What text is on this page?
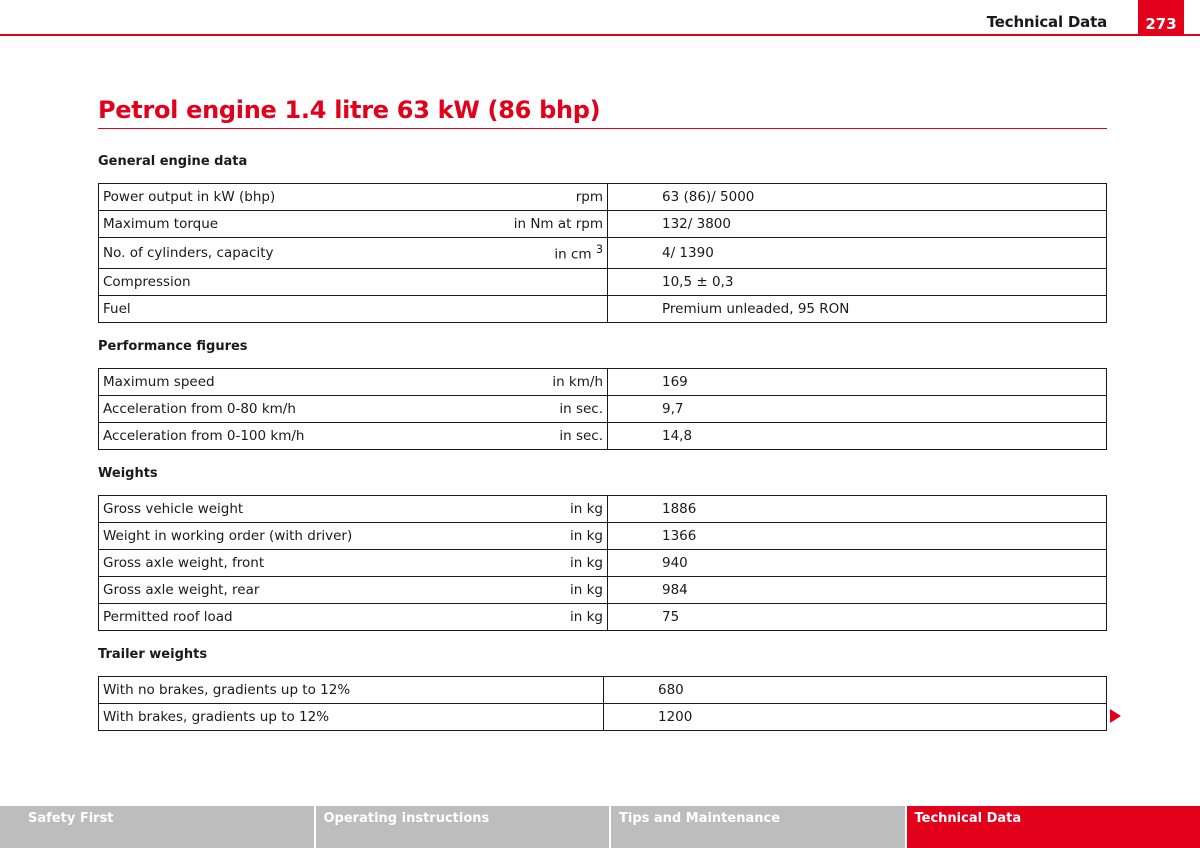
Technical Data	273
Petrol engine 1.4 litre 63 kW (86 bhp)
General engine data
Power output in kW (bhp)	rpm	63 (86)/ 5000
Maximum torque	in Nm at rpm	132/ 3800
No. of cylinders, capacity	in cm $^3$	4/ 1390
Compression		10,5 ± 0,3
Fuel		Premium unleaded, 95 RON
Performance figures
Maximum speed	in km/h	169
Acceleration from 0-80 km/h	in sec.	9,7
Acceleration from 0-100 km/h	in sec.	14,8
Weights
Gross vehicle weight	in kg	1886
Weight in working order (with driver)	in kg	1366
Gross axle weight, front	in kg	940
Gross axle weight, rear	in kg	984
Permitted roof load	in kg	75
Trailer weights
With no brakes, gradients up to 12%	680
With brakes, gradients up to 12%	1200
Safety First	Operating instructions	Tips and Maintenance	Technical Data
